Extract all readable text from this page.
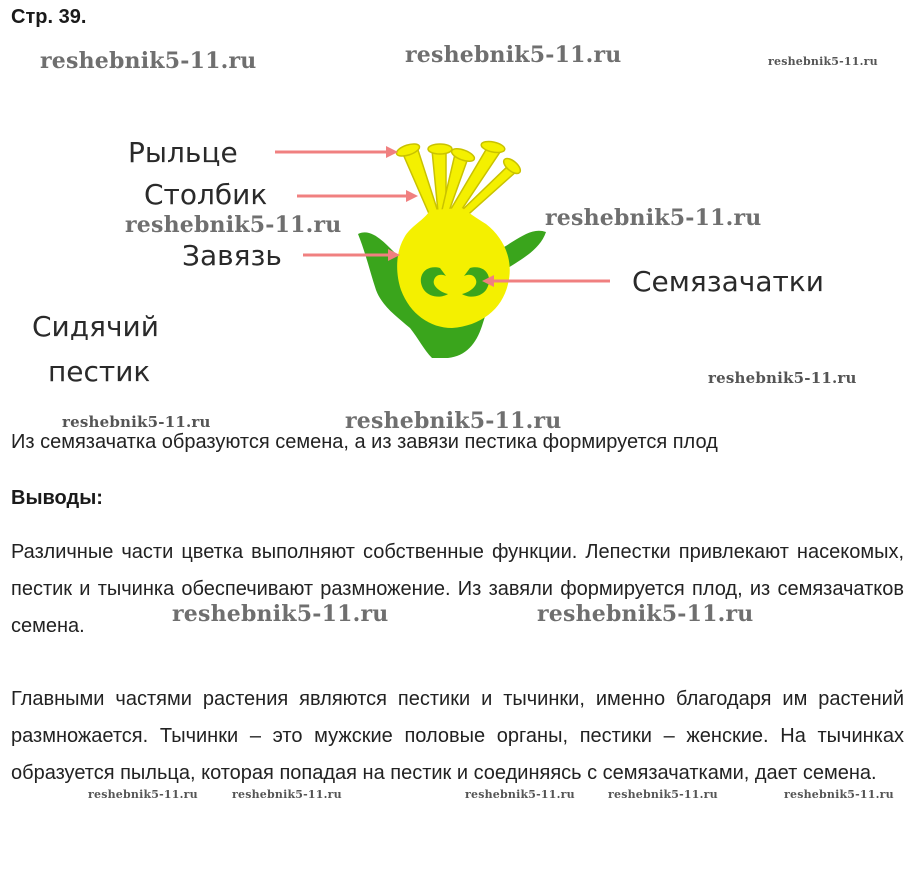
Стр. 39.
reshebnik5-11.ru	reshebnik5-11.ru	reshebnik5-11.ru
Рыльце
Столбик
Завязь
Семязачатки
Сидячий
пестик
reshebnik5-11.ru	reshebnik5-11.ru
reshebnik5-11.ru
reshebnik5-11.ru	reshebnik5-11.ru
Из семязачатка образуются семена, а из завязи пестика формируется плод
Выводы:
Различные части цветка выполняют собственные функции. Лепестки привлекают насекомых, пестик и тычинка обеспечивают размножение. Из завяли формируется плод, из семязачатков семена.	reshebnik5-11.ru	reshebnik5-11.ru
Главными частями растения являются пестики и тычинки, именно благодаря им растений размножается. Тычинки – это мужские половые органы, пестики – женские. На тычинках образуется пыльца, которая попадая на пестик и соединяясь с семязачатками, дает семена.
reshebnik5-11.ru	reshebnik5-11.ru	reshebnik5-11.ru	reshebnik5-11.ru	reshebnik5-11.ru
